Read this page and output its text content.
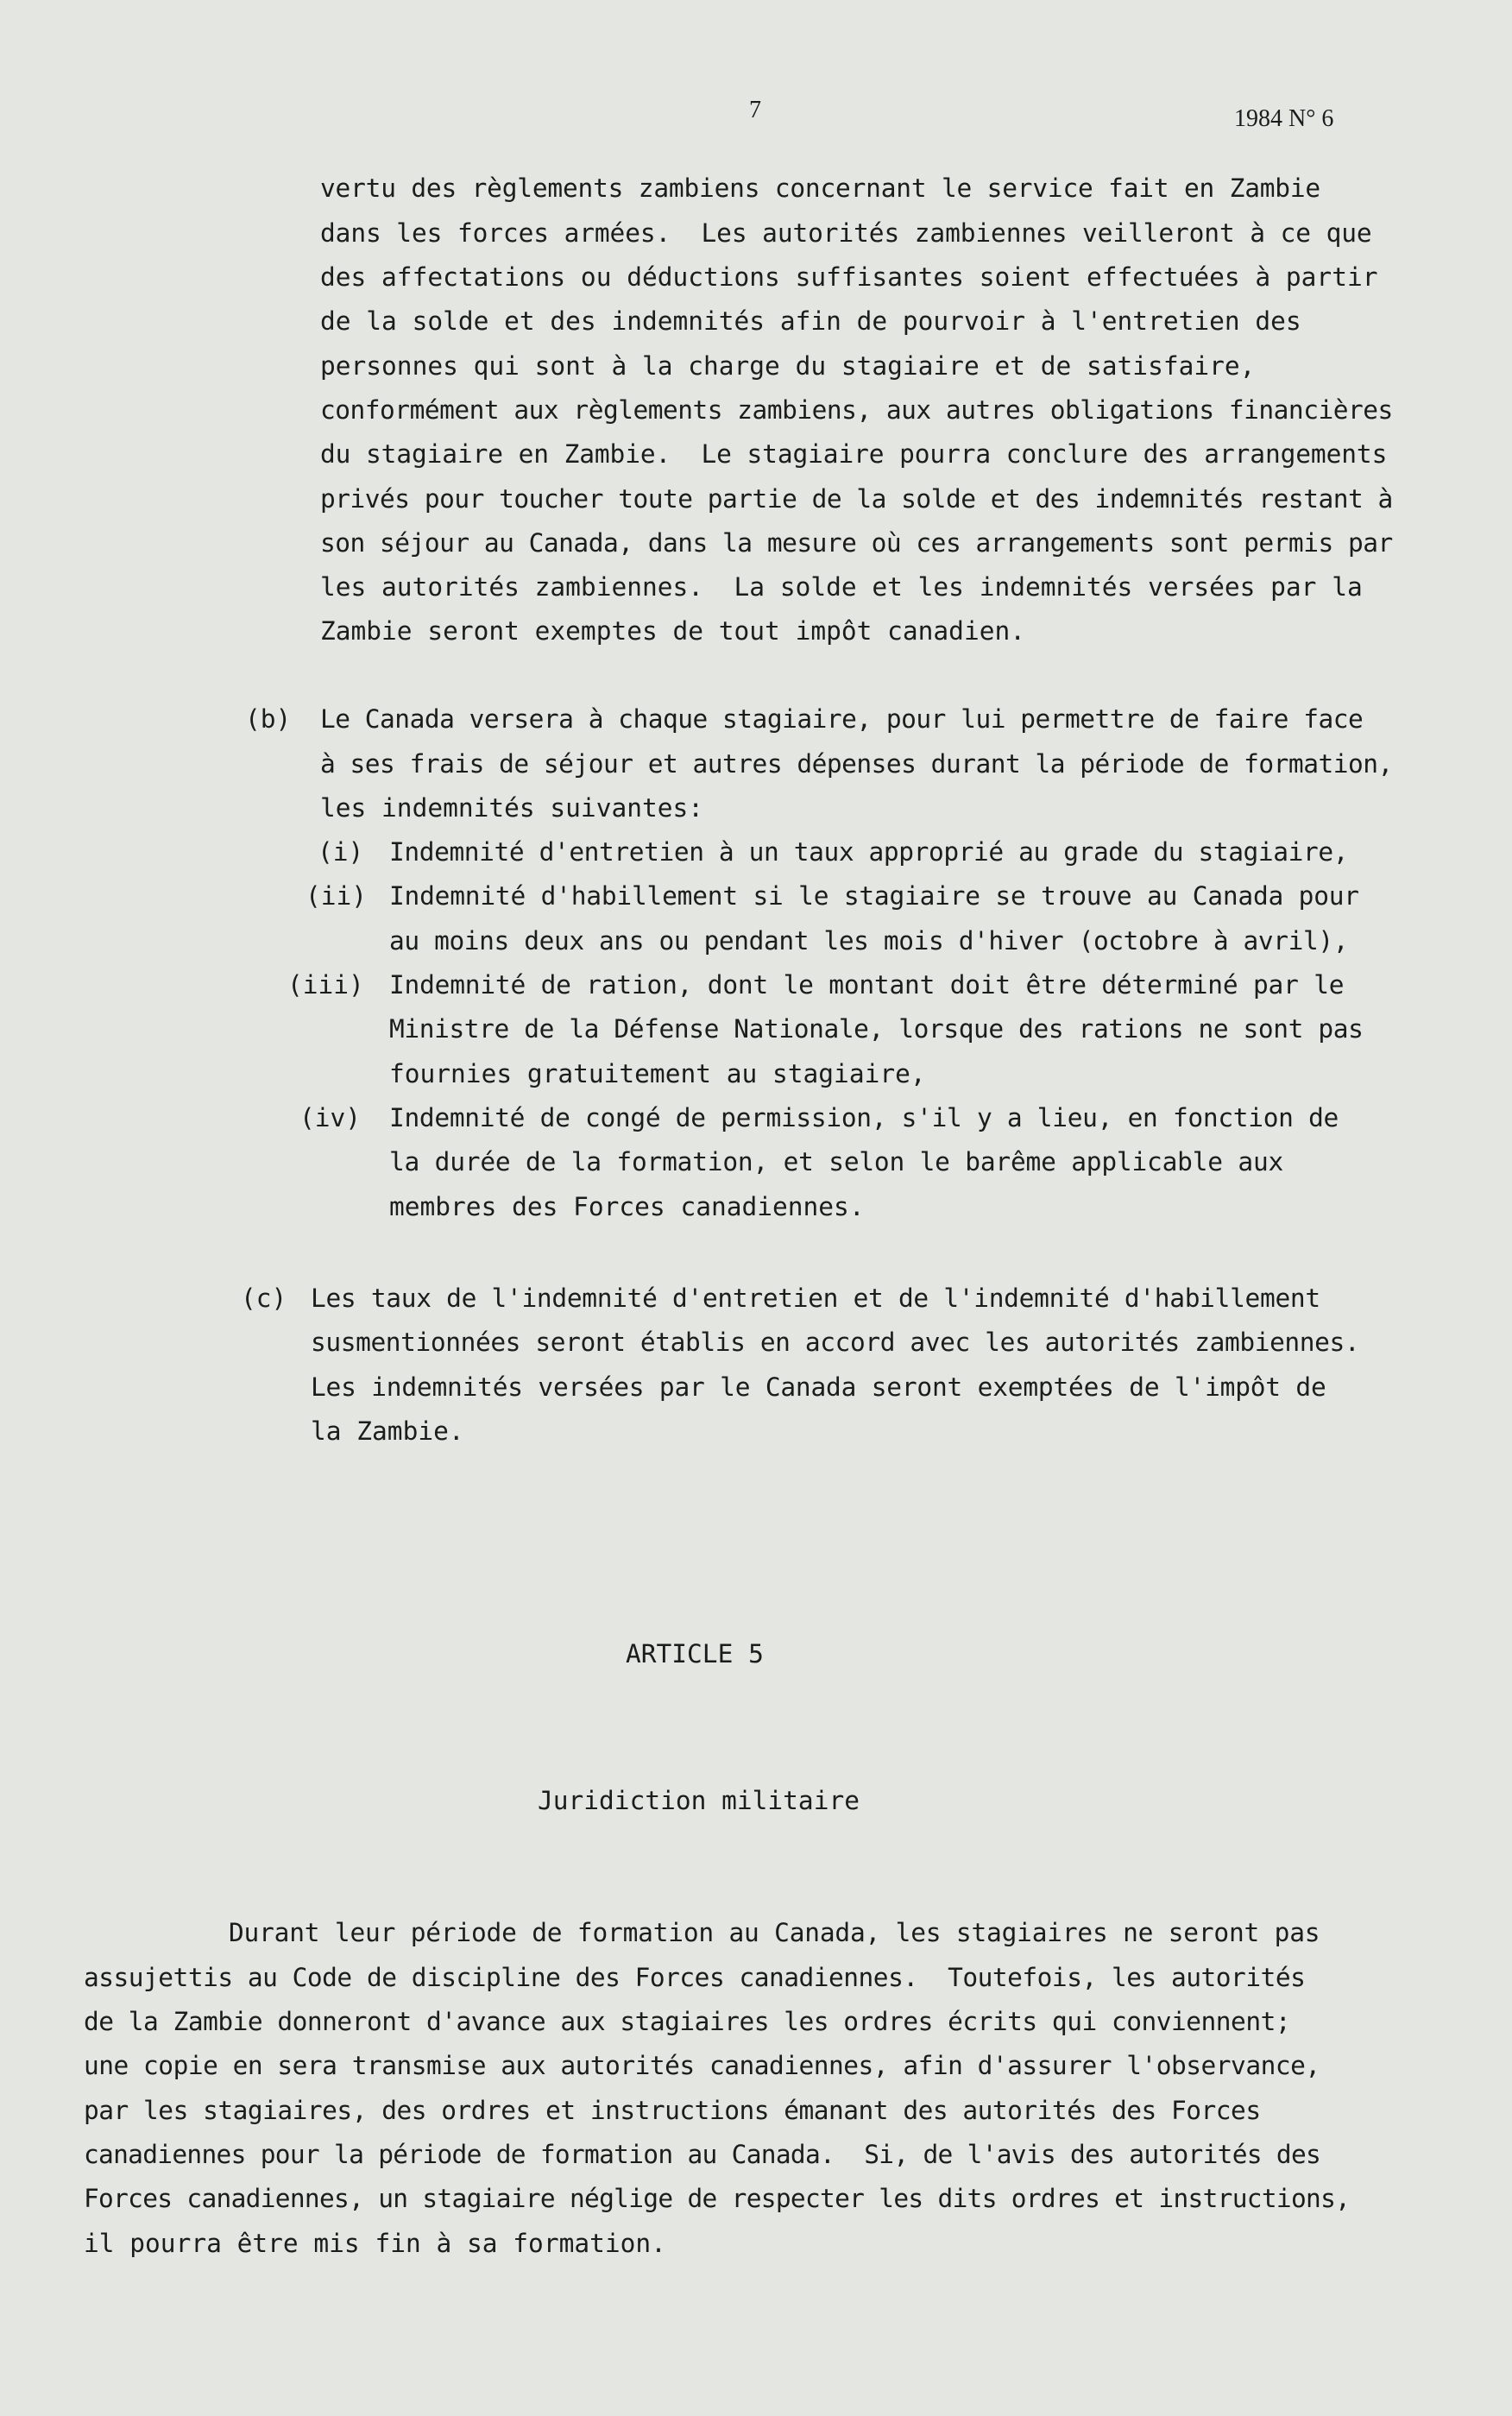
7	1984 N° 6
vertu des règlements zambiens concernant le service fait en Zambie
dans les forces armées.  Les autorités zambiennes veilleront à ce que
des affectations ou déductions suffisantes soient effectuées à partir
de la solde et des indemnités afin de pourvoir à l'entretien des
personnes qui sont à la charge du stagiaire et de satisfaire,
conformément aux règlements zambiens, aux autres obligations financières
du stagiaire en Zambie.  Le stagiaire pourra conclure des arrangements
privés pour toucher toute partie de la solde et des indemnités restant à
son séjour au Canada, dans la mesure où ces arrangements sont permis par
les autorités zambiennes.  La solde et les indemnités versées par la
Zambie seront exemptes de tout impôt canadien.
(b) Le Canada versera à chaque stagiaire, pour lui permettre de faire face
à ses frais de séjour et autres dépenses durant la période de formation,
les indemnités suivantes:
(i) Indemnité d'entretien à un taux approprié au grade du stagiaire,
(ii) Indemnité d'habillement si le stagiaire se trouve au Canada pour
au moins deux ans ou pendant les mois d'hiver (octobre à avril),
(iii) Indemnité de ration, dont le montant doit être déterminé par le
Ministre de la Défense Nationale, lorsque des rations ne sont pas
fournies gratuitement au stagiaire,
(iv) Indemnité de congé de permission, s'il y a lieu, en fonction de
la durée de la formation, et selon le barême applicable aux
membres des Forces canadiennes.
(c) Les taux de l'indemnité d'entretien et de l'indemnité d'habillement
susmentionnées seront établis en accord avec les autorités zambiennes.
Les indemnités versées par le Canada seront exemptées de l'impôt de
la Zambie.
ARTICLE 5
Juridiction militaire
Durant leur période de formation au Canada, les stagiaires ne seront pas
assujettis au Code de discipline des Forces canadiennes.  Toutefois, les autorités
de la Zambie donneront d'avance aux stagiaires les ordres écrits qui conviennent;
une copie en sera transmise aux autorités canadiennes, afin d'assurer l'observance,
par les stagiaires, des ordres et instructions émanant des autorités des Forces
canadiennes pour la période de formation au Canada.  Si, de l'avis des autorités des
Forces canadiennes, un stagiaire néglige de respecter les dits ordres et instructions,
il pourra être mis fin à sa formation.
